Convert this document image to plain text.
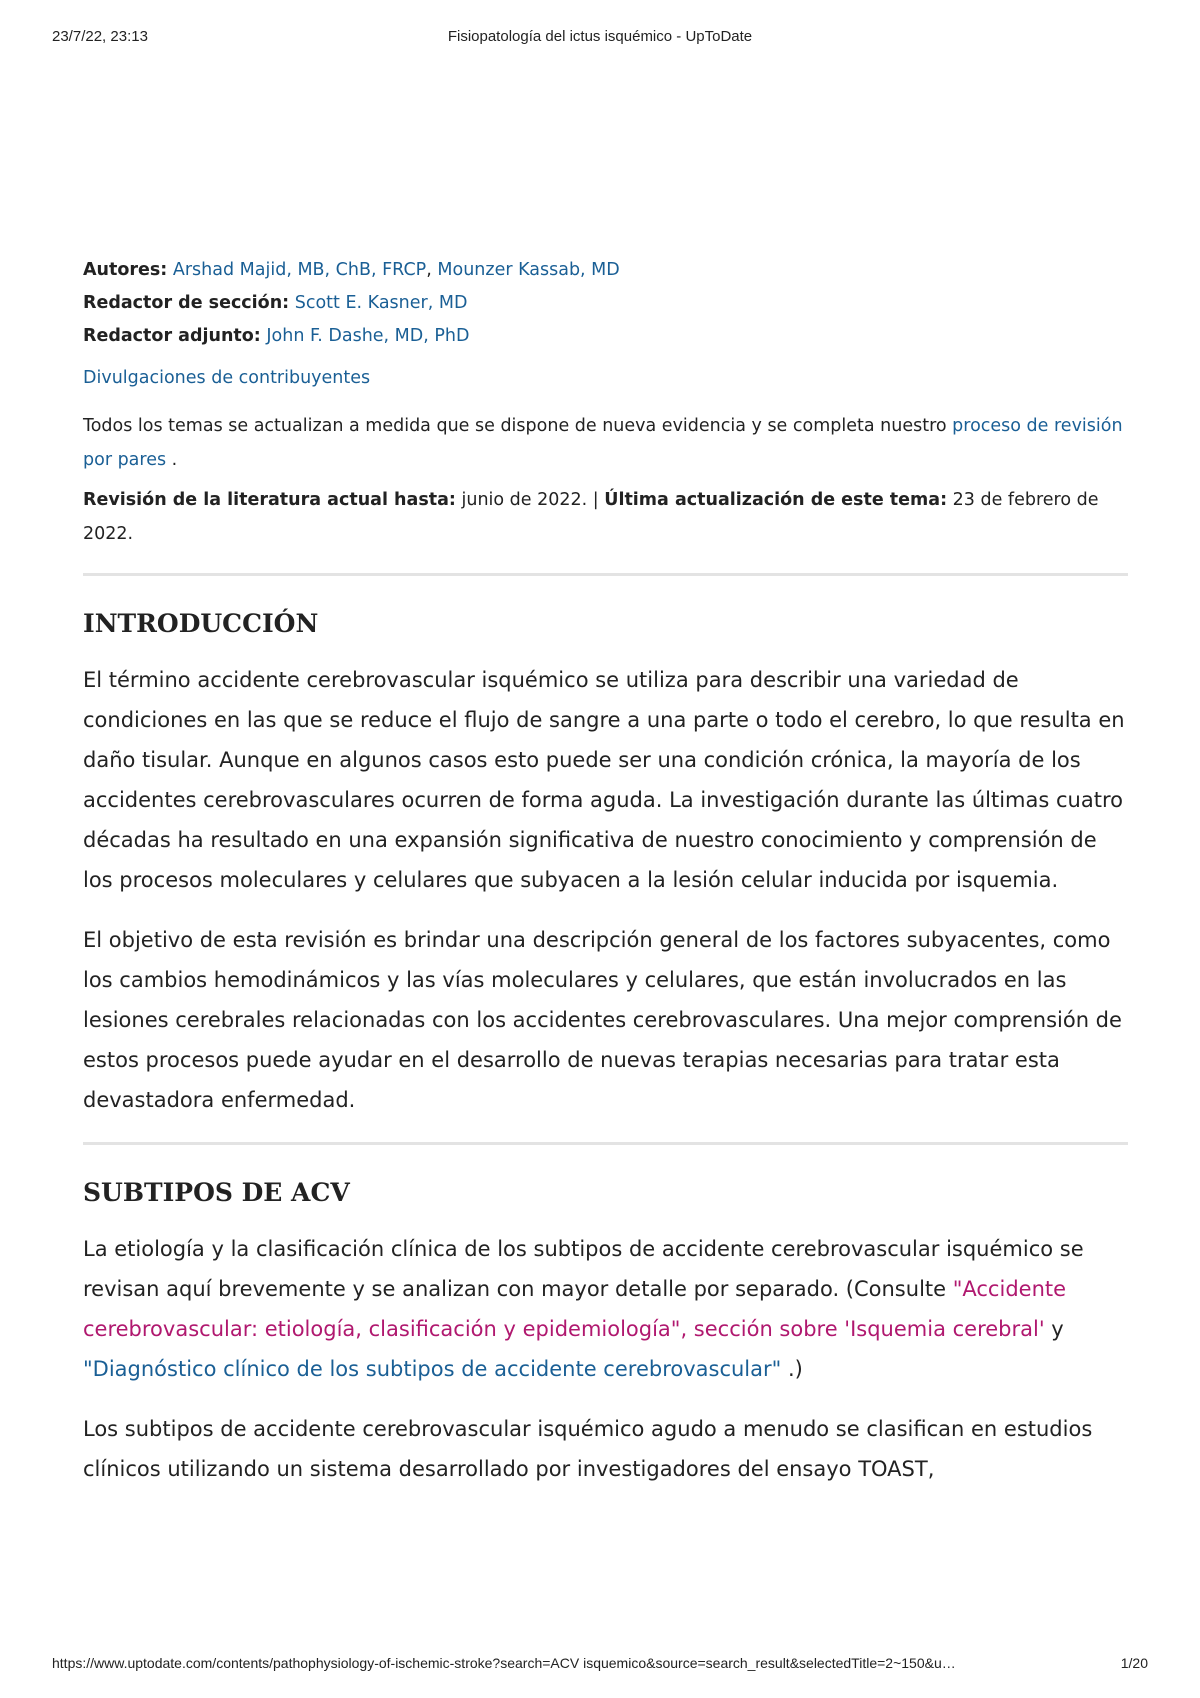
23/7/22, 23:13	Fisiopatología del ictus isquémico - UpToDate
Autores: Arshad Majid, MB, ChB, FRCP, Mounzer Kassab, MD
Redactor de sección: Scott E. Kasner, MD
Redactor adjunto: John F. Dashe, MD, PhD
Divulgaciones de contribuyentes
Todos los temas se actualizan a medida que se dispone de nueva evidencia y se completa nuestro proceso de revisión por pares .
Revisión de la literatura actual hasta: junio de 2022. | Última actualización de este tema: 23 de febrero de 2022.
INTRODUCCIÓN

El término accidente cerebrovascular isquémico se utiliza para describir una variedad de condiciones en las que se reduce el flujo de sangre a una parte o todo el cerebro, lo que resulta en daño tisular. Aunque en algunos casos esto puede ser una condición crónica, la mayoría de los accidentes cerebrovasculares ocurren de forma aguda. La investigación durante las últimas cuatro décadas ha resultado en una expansión significativa de nuestro conocimiento y comprensión de los procesos moleculares y celulares que subyacen a la lesión celular inducida por isquemia.

El objetivo de esta revisión es brindar una descripción general de los factores subyacentes, como los cambios hemodinámicos y las vías moleculares y celulares, que están involucrados en las lesiones cerebrales relacionadas con los accidentes cerebrovasculares. Una mejor comprensión de estos procesos puede ayudar en el desarrollo de nuevas terapias necesarias para tratar esta devastadora enfermedad.

SUBTIPOS DE ACV

La etiología y la clasificación clínica de los subtipos de accidente cerebrovascular isquémico se revisan aquí brevemente y se analizan con mayor detalle por separado. (Consulte "Accidente cerebrovascular: etiología, clasificación y epidemiología", sección sobre 'Isquemia cerebral' y "Diagnóstico clínico de los subtipos de accidente cerebrovascular" .)

Los subtipos de accidente cerebrovascular isquémico agudo a menudo se clasifican en estudios clínicos utilizando un sistema desarrollado por investigadores del ensayo TOAST,

https://www.uptodate.com/contents/pathophysiology-of-ischemic-stroke?search=ACV isquemico&source=search_result&selectedTitle=2~150&u…	1/20
